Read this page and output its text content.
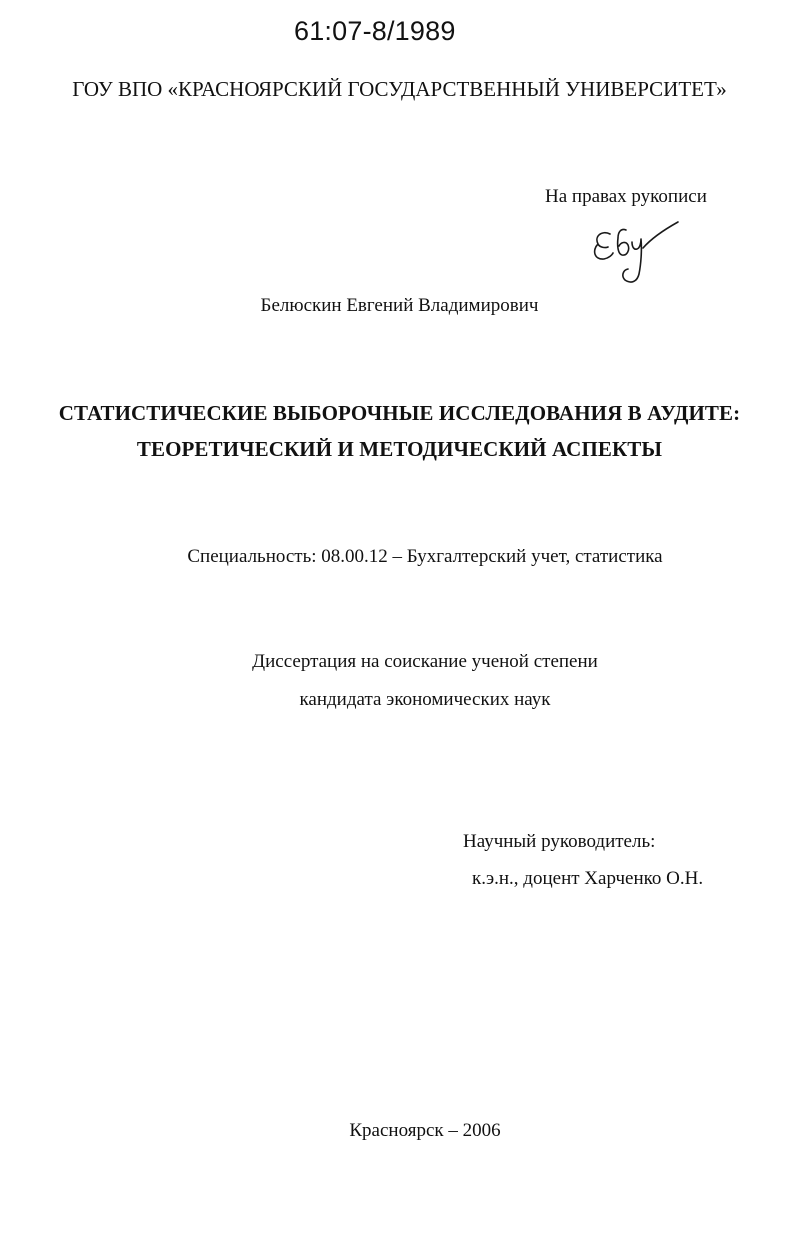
61:07-8/1989
ГОУ ВПО «КРАСНОЯРСКИЙ ГОСУДАРСТВЕННЫЙ УНИВЕРСИТЕТ»
На правах рукописи
Белюскин Евгений Владимирович
СТАТИСТИЧЕСКИЕ ВЫБОРОЧНЫЕ ИССЛЕДОВАНИЯ В АУДИТЕ:
ТЕОРЕТИЧЕСКИЙ И МЕТОДИЧЕСКИЙ АСПЕКТЫ
Специальность: 08.00.12 – Бухгалтерский учет, статистика
Диссертация на соискание ученой степени
кандидата экономических наук
Научный руководитель:
к.э.н., доцент Харченко О.Н.
Красноярск – 2006
